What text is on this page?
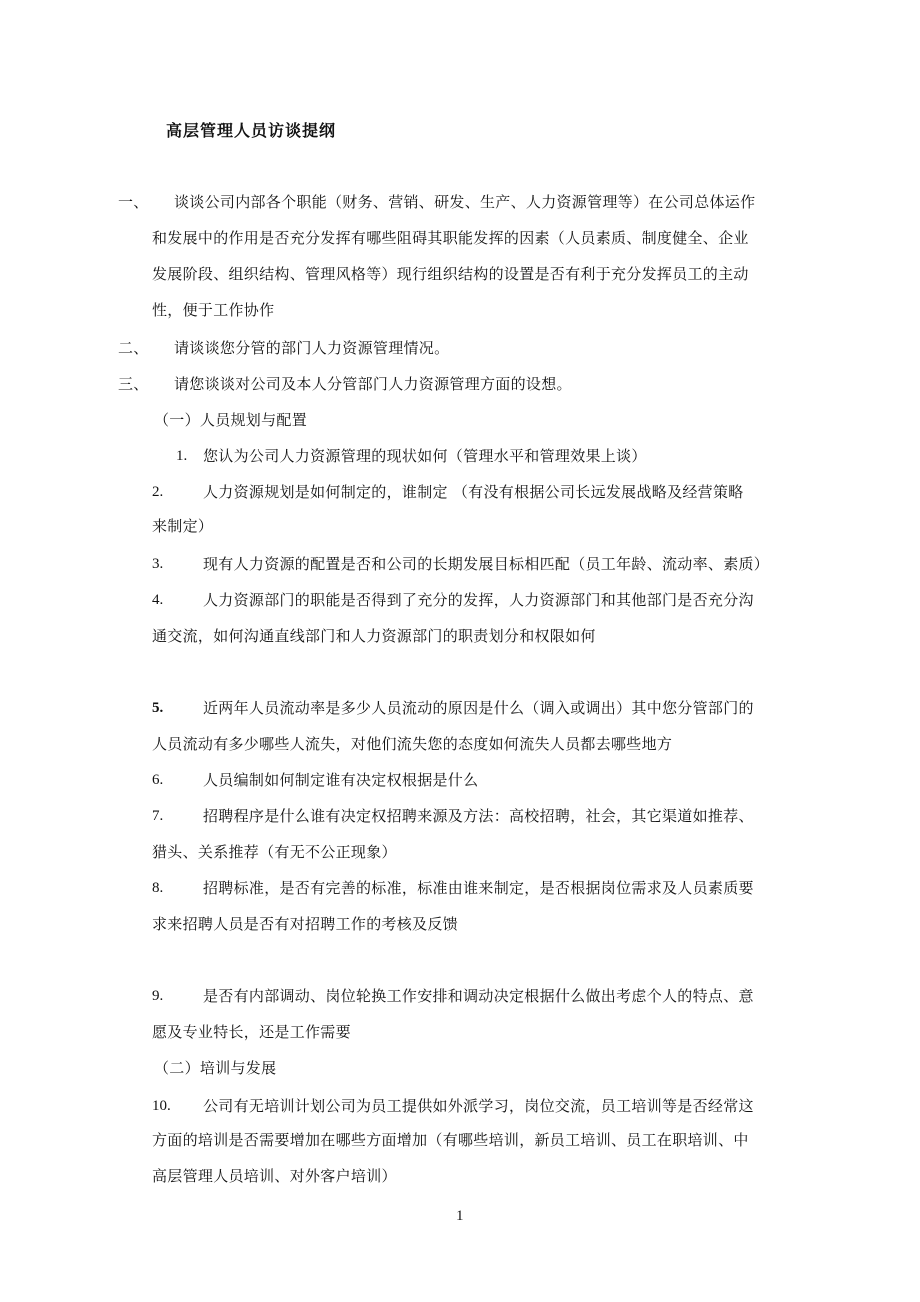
高层管理人员访谈提纲
一、 谈谈公司内部各个职能（财务、营销、研发、生产、人力资源管理等）在公司总体运作
和发展中的作用是否充分发挥有哪些阻碍其职能发挥的因素（人员素质、制度健全、企业
发展阶段、组织结构、管理风格等）现行组织结构的设置是否有利于充分发挥员工的主动
性，便于工作协作
二、 请谈谈您分管的部门人力资源管理情况。
三、 请您谈谈对公司及本人分管部门人力资源管理方面的设想。
（一）人员规划与配置
1. 您认为公司人力资源管理的现状如何（管理水平和管理效果上谈）
2.	人力资源规划是如何制定的，谁制定 （有没有根据公司长远发展战略及经营策略
来制定）
3.	现有人力资源的配置是否和公司的长期发展目标相匹配（员工年龄、流动率、素质）
4.	人力资源部门的职能是否得到了充分的发挥，人力资源部门和其他部门是否充分沟
通交流，如何沟通直线部门和人力资源部门的职责划分和权限如何
5.	近两年人员流动率是多少人员流动的原因是什么（调入或调出）其中您分管部门的
人员流动有多少哪些人流失，对他们流失您的态度如何流失人员都去哪些地方
6.	人员编制如何制定谁有决定权根据是什么
7.	招聘程序是什么谁有决定权招聘来源及方法：高校招聘，社会，其它渠道如推荐、
猎头、关系推荐（有无不公正现象）
8.	招聘标准，是否有完善的标准，标准由谁来制定，是否根据岗位需求及人员素质要
求来招聘人员是否有对招聘工作的考核及反馈
9.	是否有内部调动、岗位轮换工作安排和调动决定根据什么做出考虑个人的特点、意
愿及专业特长，还是工作需要
（二）培训与发展
10. 公司有无培训计划公司为员工提供如外派学习，岗位交流，员工培训等是否经常这
方面的培训是否需要增加在哪些方面增加（有哪些培训，新员工培训、员工在职培训、中
高层管理人员培训、对外客户培训）
1
